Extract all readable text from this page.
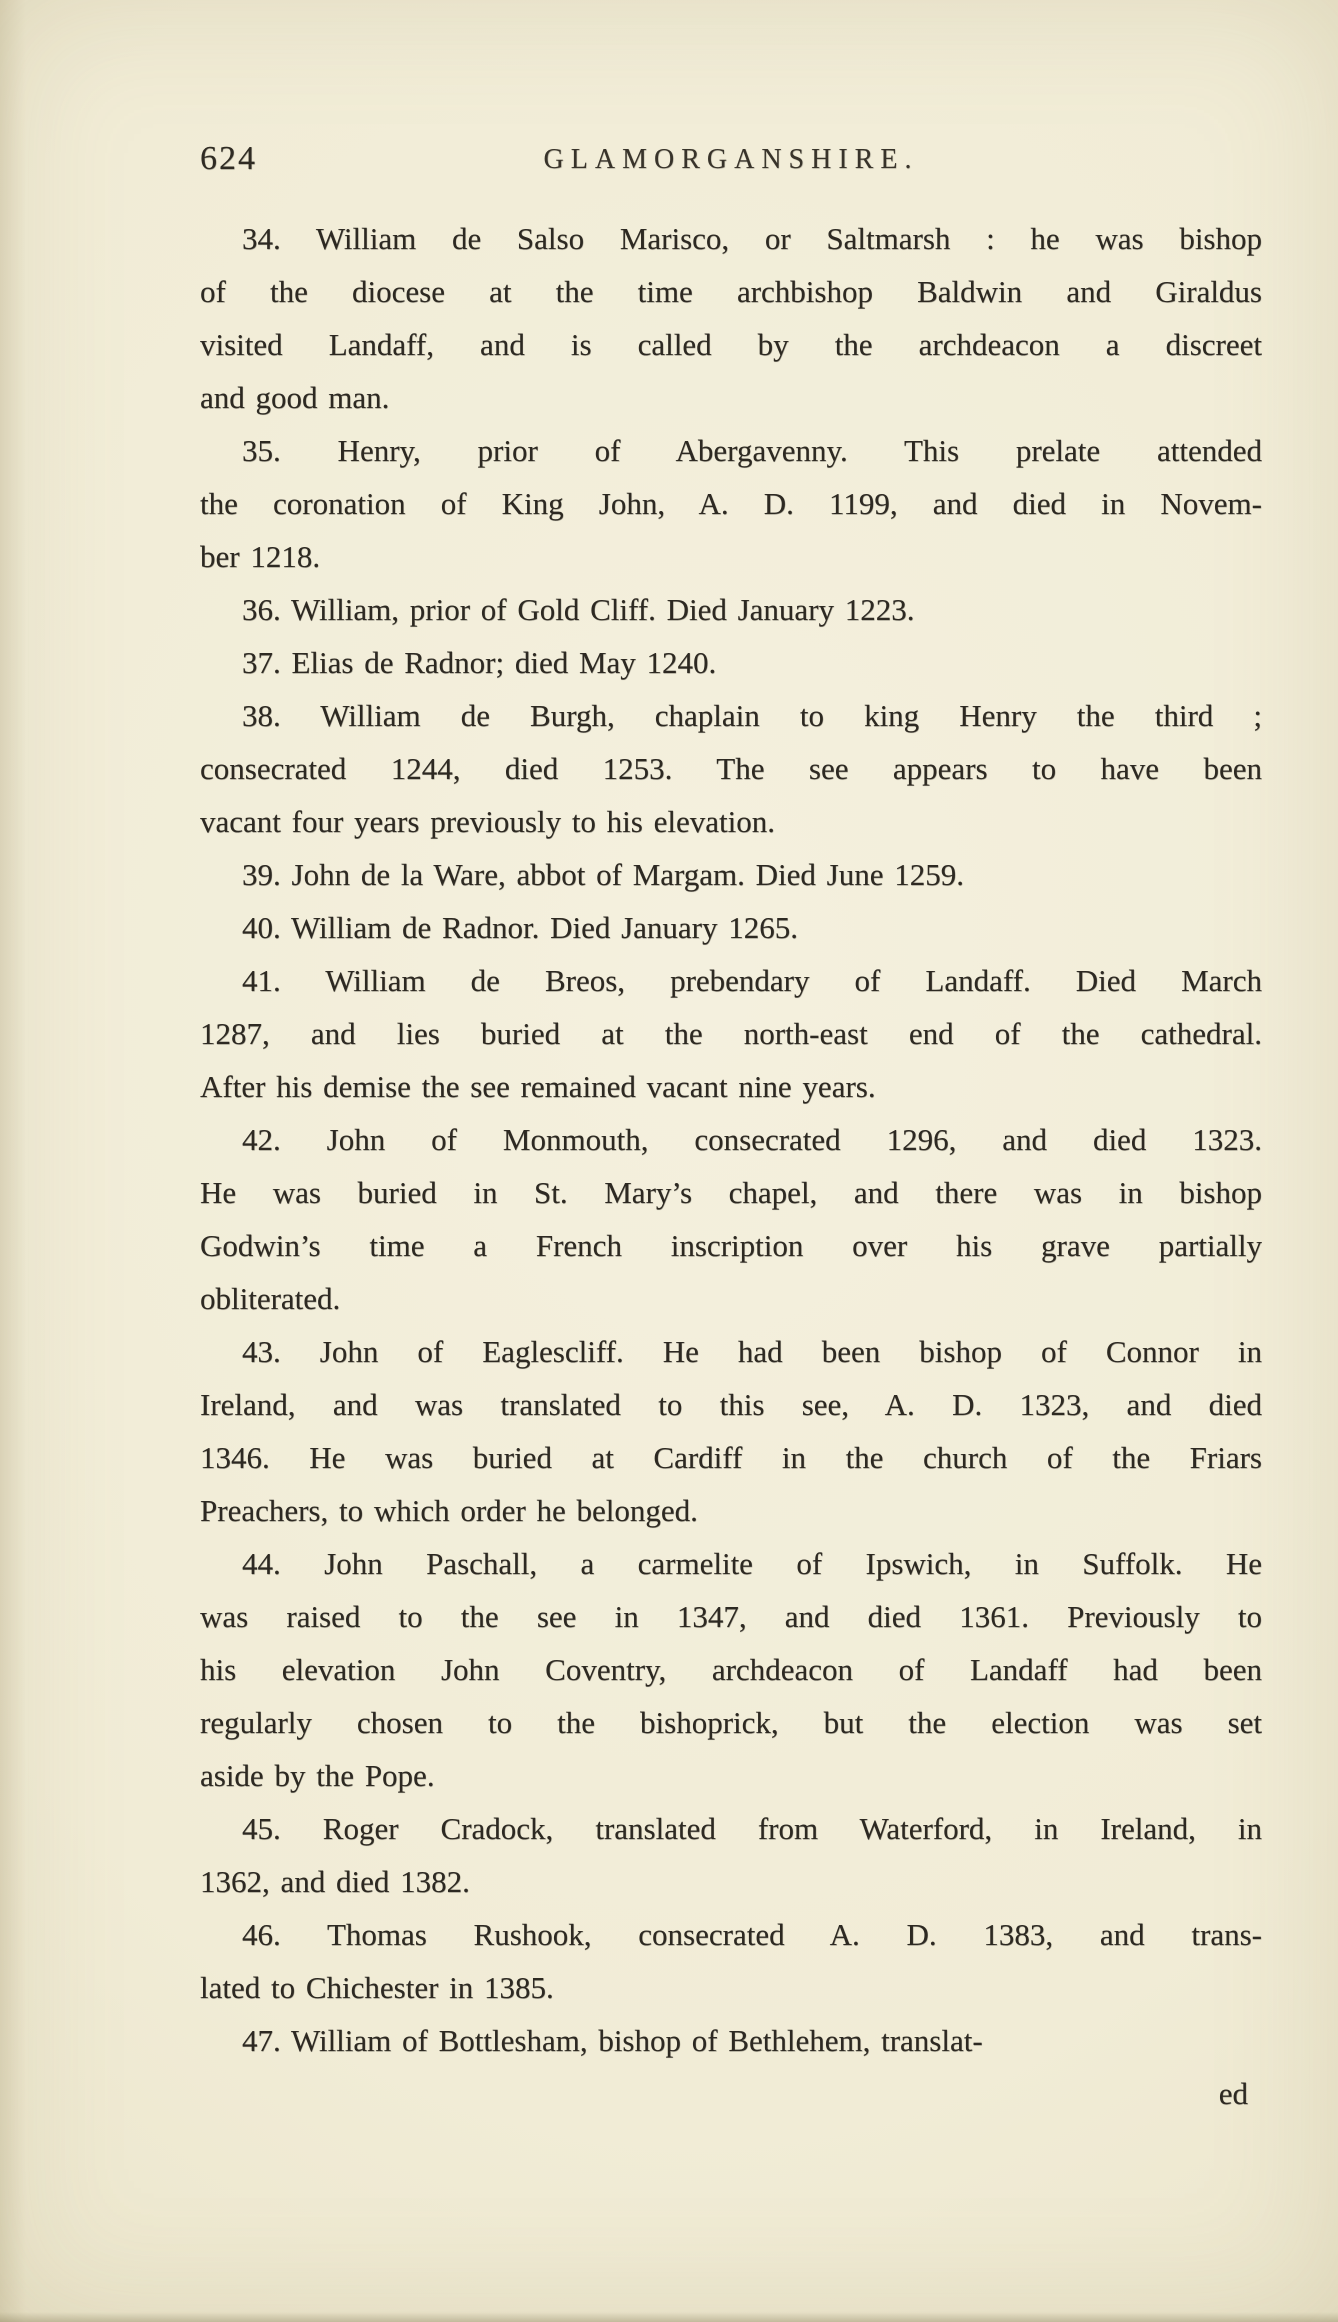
624	GLAMORGANSHIRE.
34. William de Salso Marisco, or Saltmarsh : he was bishop
of the diocese at the time archbishop Baldwin and Giraldus
visited Landaff, and is called by the archdeacon a discreet
and good man.
35. Henry, prior of Abergavenny. This prelate attended
the coronation of King John, A. D. 1199, and died in Novem-
ber 1218.
36. William, prior of Gold Cliff. Died January 1223.
37. Elias de Radnor; died May 1240.
38. William de Burgh, chaplain to king Henry the third ;
consecrated 1244, died 1253. The see appears to have been
vacant four years previously to his elevation.
39. John de la Ware, abbot of Margam. Died June 1259.
40. William de Radnor. Died January 1265.
41. William de Breos, prebendary of Landaff. Died March
1287, and lies buried at the north-east end of the cathedral.
After his demise the see remained vacant nine years.
42. John of Monmouth, consecrated 1296, and died 1323.
He was buried in St. Mary’s chapel, and there was in bishop
Godwin’s time a French inscription over his grave partially
obliterated.
43. John of Eaglescliff. He had been bishop of Connor in
Ireland, and was translated to this see, A. D. 1323, and died
1346. He was buried at Cardiff in the church of the Friars
Preachers, to which order he belonged.
44. John Paschall, a carmelite of Ipswich, in Suffolk. He
was raised to the see in 1347, and died 1361. Previously to
his elevation John Coventry, archdeacon of Landaff had been
regularly chosen to the bishoprick, but the election was set
aside by the Pope.
45. Roger Cradock, translated from Waterford, in Ireland, in
1362, and died 1382.
46. Thomas Rushook, consecrated A. D. 1383, and trans-
lated to Chichester in 1385.
47. William of Bottlesham, bishop of Bethlehem, translat-
ed
